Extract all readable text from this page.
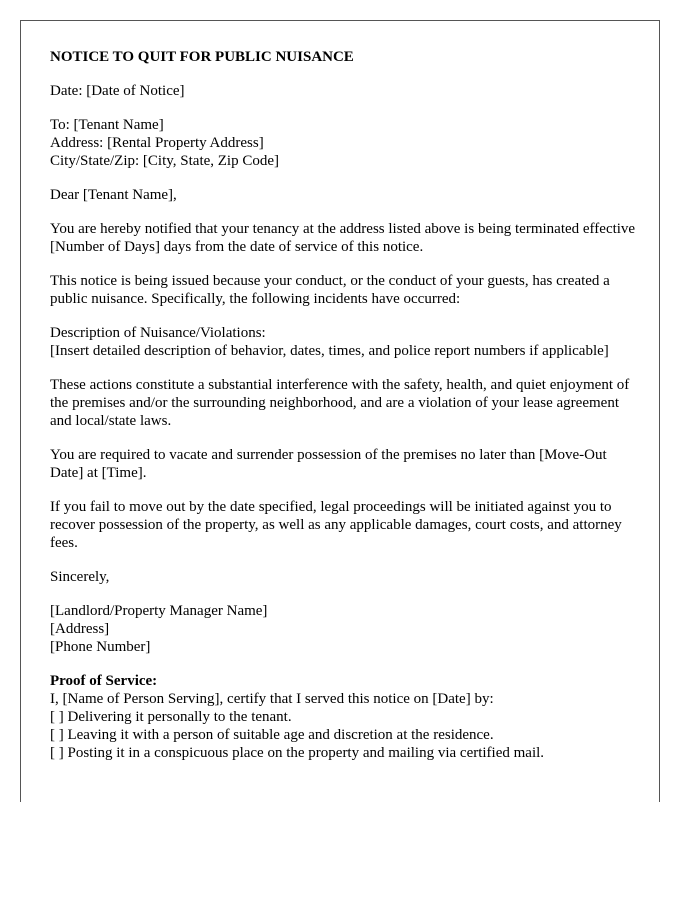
NOTICE TO QUIT FOR PUBLIC NUISANCE

Date: [Date of Notice]

To: [Tenant Name]
Address: [Rental Property Address]
City/State/Zip: [City, State, Zip Code]

Dear [Tenant Name],

You are hereby notified that your tenancy at the address listed above is being terminated effective [Number of Days] days from the date of service of this notice.

This notice is being issued because your conduct, or the conduct of your guests, has created a public nuisance. Specifically, the following incidents have occurred:

Description of Nuisance/Violations:
[Insert detailed description of behavior, dates, times, and police report numbers if applicable]

These actions constitute a substantial interference with the safety, health, and quiet enjoyment of the premises and/or the surrounding neighborhood, and are a violation of your lease agreement and local/state laws.

You are required to vacate and surrender possession of the premises no later than [Move-Out Date] at [Time].

If you fail to move out by the date specified, legal proceedings will be initiated against you to recover possession of the property, as well as any applicable damages, court costs, and attorney fees.

Sincerely,

[Landlord/Property Manager Name]
[Address]
[Phone Number]

Proof of Service:
I, [Name of Person Serving], certify that I served this notice on [Date] by:
[ ] Delivering it personally to the tenant.
[ ] Leaving it with a person of suitable age and discretion at the residence.
[ ] Posting it in a conspicuous place on the property and mailing via certified mail.
